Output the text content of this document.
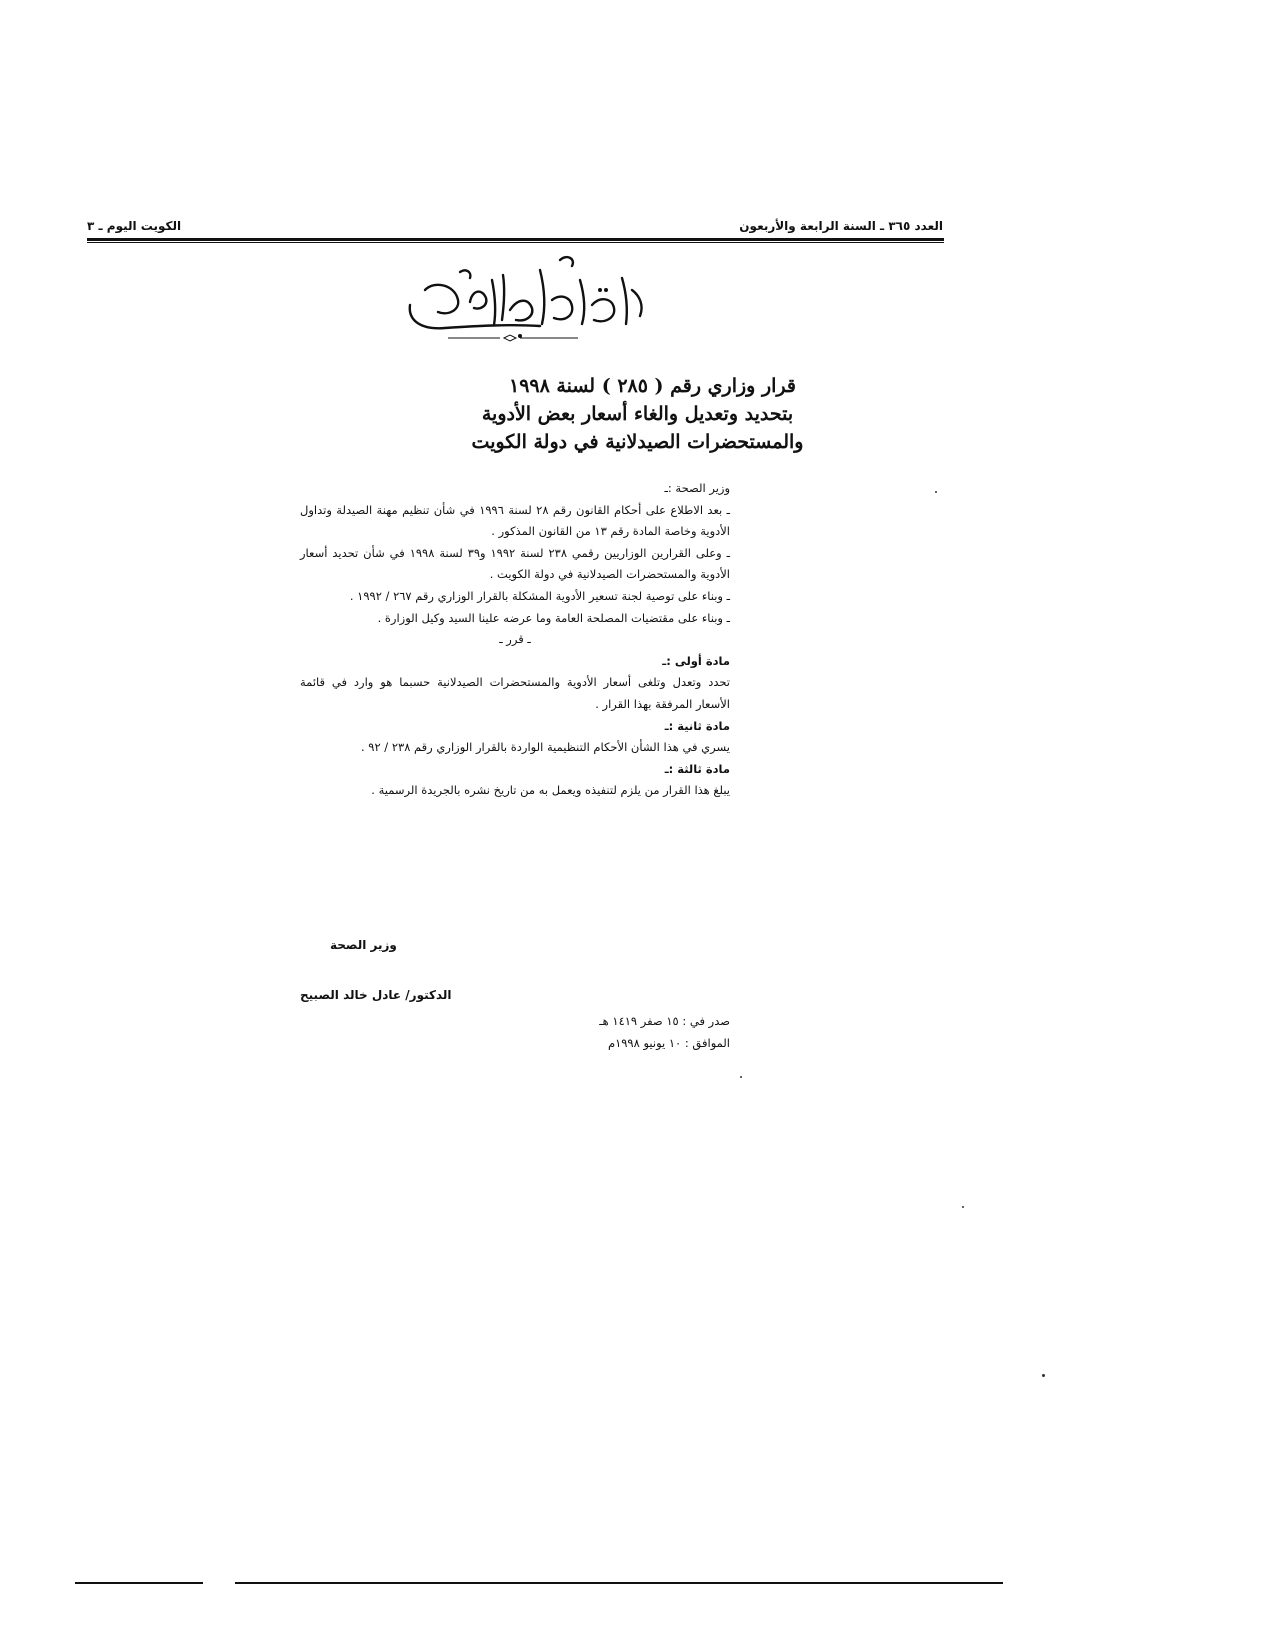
العدد ٣٦٥ ـ السنة الرابعة والأربعون
الكويت اليوم ـ ٣
قرار وزاري رقم ( ٢٨٥ ) لسنة ١٩٩٨
بتحديد وتعديل والغاء أسعار بعض الأدوية
والمستحضرات الصيدلانية في دولة الكويت

وزير الصحة :ـ

ـ بعد الاطلاع على أحكام القانون رقم ٢٨ لسنة ١٩٩٦ في شأن تنظيم مهنة الصيدلة وتداول الأدوية وخاصة المادة رقم ١٣ من القانون المذكور .

ـ وعلى القرارين الوزاريين رقمي ٢٣٨ لسنة ١٩٩٢ و٣٩ لسنة ١٩٩٨ في شأن تحديد أسعار الأدوية والمستحضرات الصيدلانية في دولة الكويت .

ـ وبناء على توصية لجنة تسعير الأدوية المشكلة بالقرار الوزاري رقم ٢٦٧ / ١٩٩٢ .

ـ وبناء على مقتضيات المصلحة العامة وما عرضه علينا السيد وكيل الوزارة .

ـ قرر ـ

مادة أولى :ـ

تحدد وتعدل وتلغى أسعار الأدوية والمستحضرات الصيدلانية حسبما هو وارد في قائمة الأسعار المرفقة بهذا القرار .

مادة ثانية :ـ

يسري في هذا الشأن الأحكام التنظيمية الواردة بالقرار الوزاري رقم ٢٣٨ / ٩٢ .

مادة ثالثة :ـ

يبلغ هذا القرار من يلزم لتنفيذه ويعمل به من تاريخ نشره بالجريدة الرسمية .

وزير الصحة
الدكتور/ عادل خالد الصبيح
صدر في : ١٥ صفر ١٤١٩ هـ
الموافق : ١٠ يونيو ١٩٩٨م
